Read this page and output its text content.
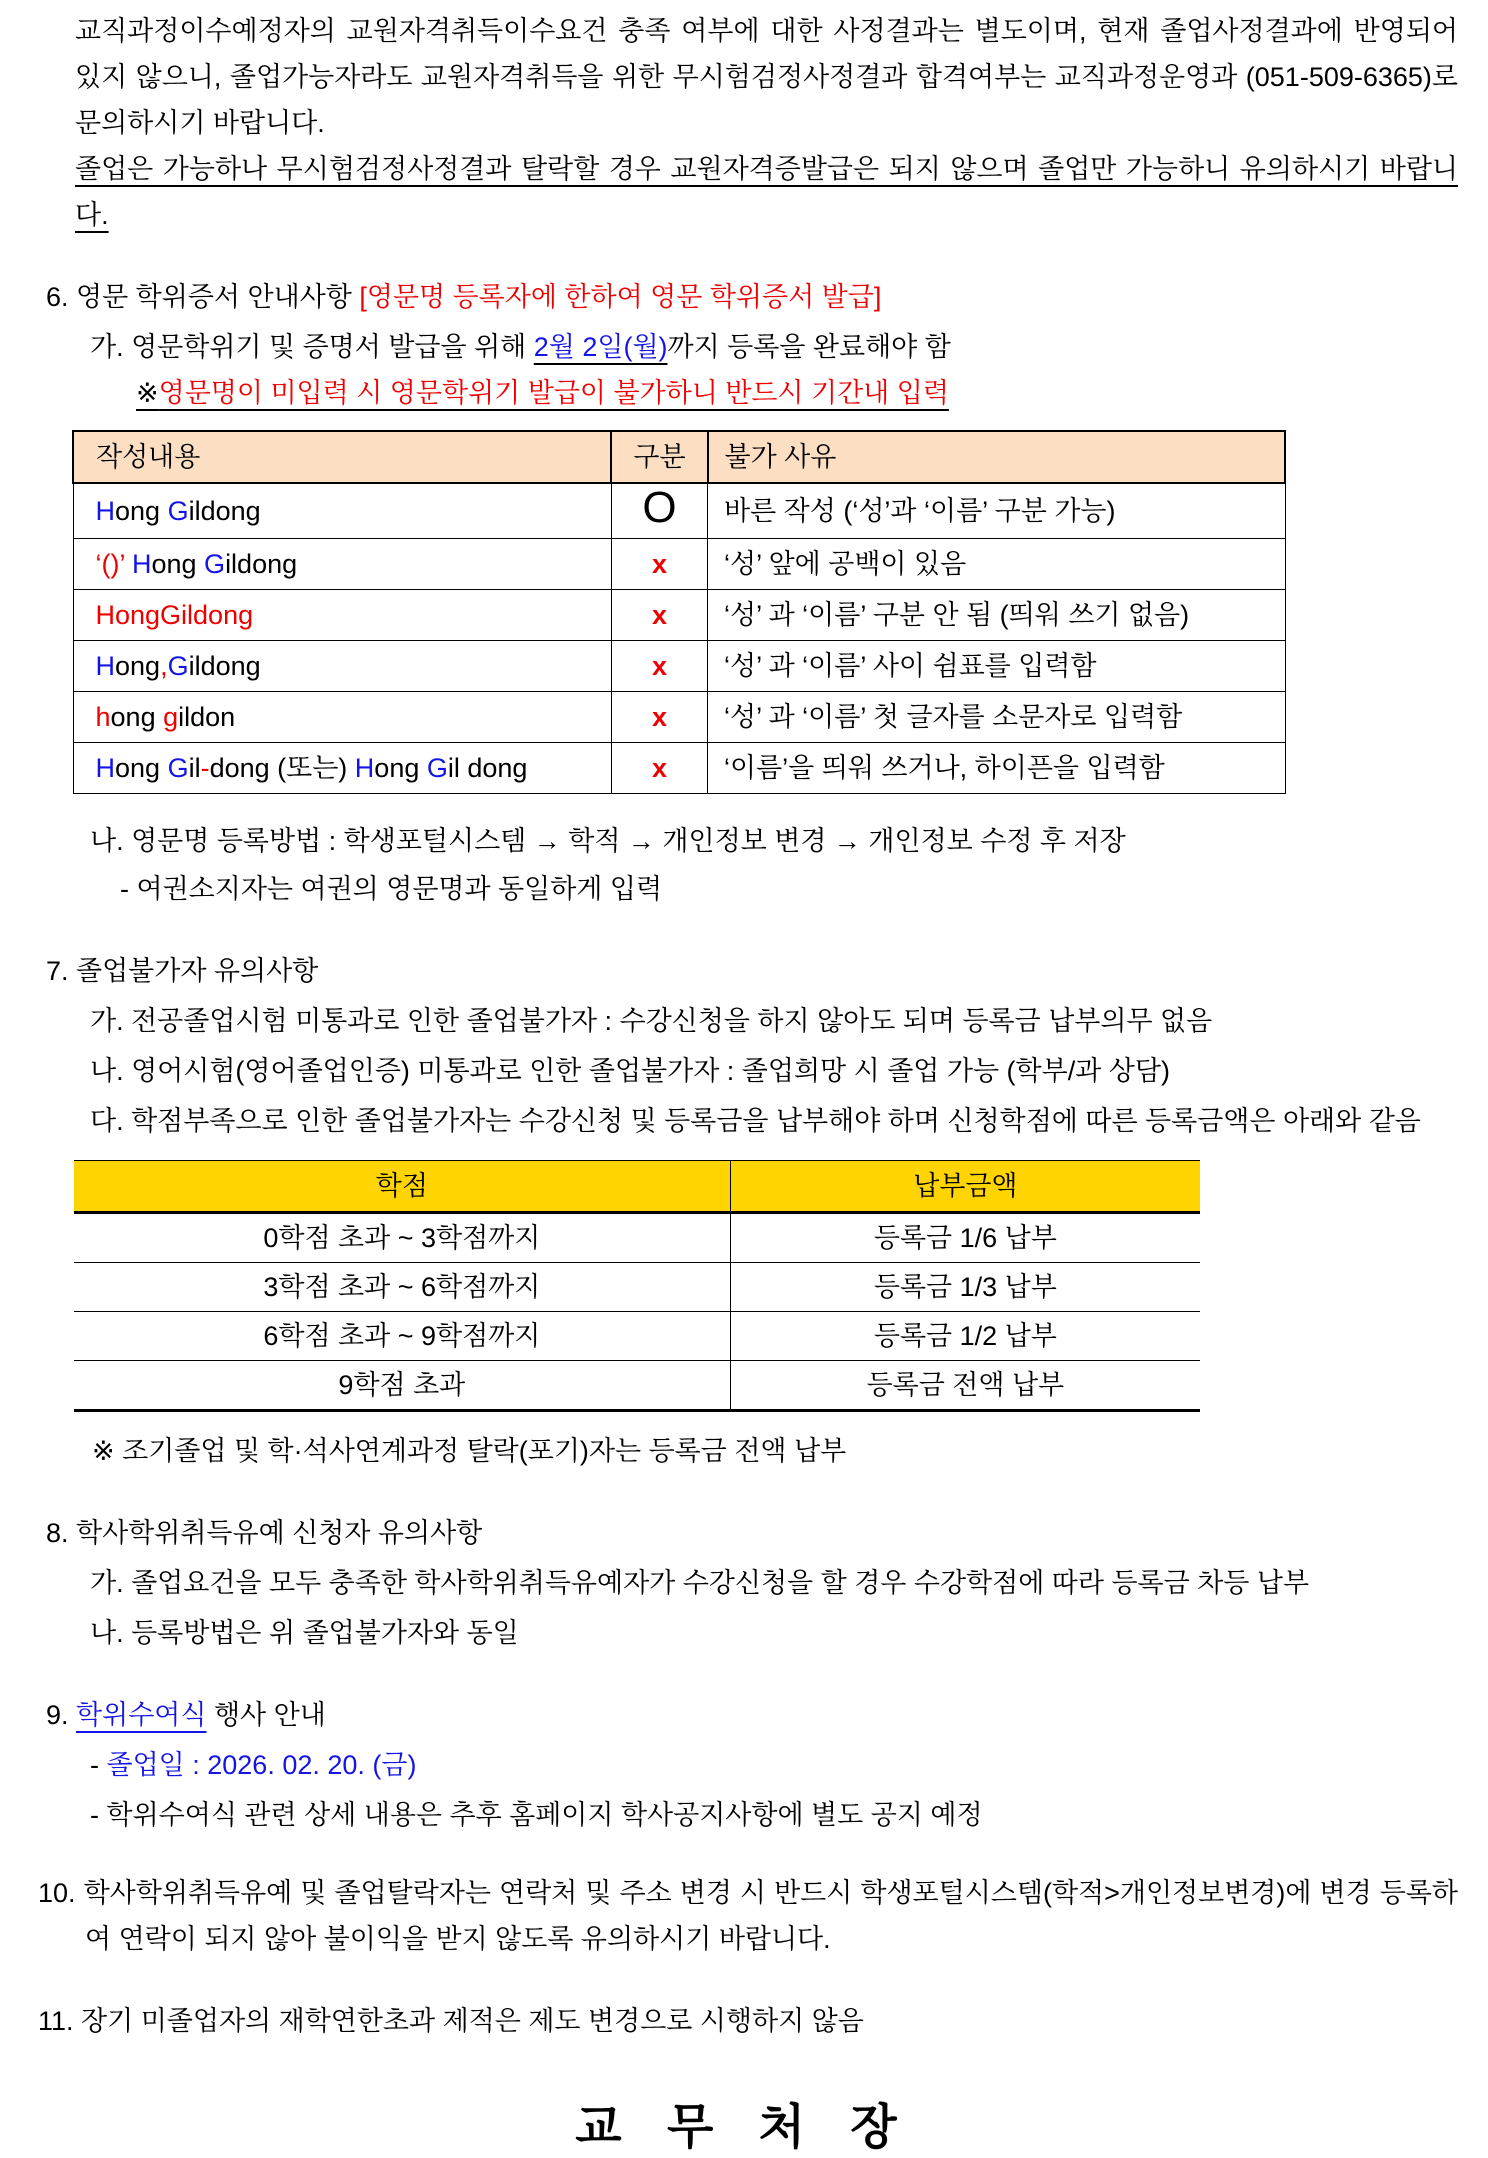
교직과정이수예정자의 교원자격취득이수요건 충족 여부에 대한 사정결과는 별도이며, 현재 졸업사정결과에 반영되어 있지 않으니, 졸업가능자라도 교원자격취득을 위한 무시험검정사정결과 합격여부는 교직과정운영과 (051-509-6365)로 문의하시기 바랍니다.
졸업은 가능하나 무시험검정사정결과 탈락할 경우 교원자격증발급은 되지 않으며 졸업만 가능하니 유의하시기 바랍니다.

6. 영문 학위증서 안내사항 [영문명 등록자에 한하여 영문 학위증서 발급]

가. 영문학위기 및 증명서 발급을 위해 2월 2일(월)까지 등록을 완료해야 함

※영문명이 미입력 시 영문학위기 발급이 불가하니 반드시 기간내 입력

작성내용	구분	불가 사유
Hong Gildong	O	바른 작성 (‘성’과 ‘이름’ 구분 가능)
‘()’ Hong Gildong	x	‘성’ 앞에 공백이 있음
HongGildong	x	‘성’ 과 ‘이름’ 구분 안 됨 (띄워 쓰기 없음)
Hong,Gildong	x	‘성’ 과 ‘이름’ 사이 쉼표를 입력함
hong gildon	x	‘성’ 과 ‘이름’ 첫 글자를 소문자로 입력함
Hong Gil-dong (또는) Hong Gil dong	x	‘이름’을 띄워 쓰거나, 하이픈을 입력함

나. 영문명 등록방법 : 학생포털시스템 → 학적 → 개인정보 변경 → 개인정보 수정 후 저장

- 여권소지자는 여권의 영문명과 동일하게 입력

7. 졸업불가자 유의사항

가. 전공졸업시험 미통과로 인한 졸업불가자 : 수강신청을 하지 않아도 되며 등록금 납부의무 없음

나. 영어시험(영어졸업인증) 미통과로 인한 졸업불가자 : 졸업희망 시 졸업 가능 (학부/과 상담)

다. 학점부족으로 인한 졸업불가자는 수강신청 및 등록금을 납부해야 하며 신청학점에 따른 등록금액은 아래와 같음

학점	납부금액
0학점 초과 ~ 3학점까지	등록금 1/6 납부
3학점 초과 ~ 6학점까지	등록금 1/3 납부
6학점 초과 ~ 9학점까지	등록금 1/2 납부
9학점 초과	등록금 전액 납부

※ 조기졸업 및 학·석사연계과정 탈락(포기)자는 등록금 전액 납부

8. 학사학위취득유예 신청자 유의사항

가. 졸업요건을 모두 충족한 학사학위취득유예자가 수강신청을 할 경우 수강학점에 따라 등록금 차등 납부

나. 등록방법은 위 졸업불가자와 동일

9. 학위수여식 행사 안내

- 졸업일 : 2026. 02. 20. (금)

- 학위수여식 관련 상세 내용은 추후 홈페이지 학사공지사항에 별도 공지 예정

10. 학사학위취득유예 및 졸업탈락자는 연락처 및 주소 변경 시 반드시 학생포털시스템(학적>개인정보변경)에 변경 등록하여 연락이 되지 않아 불이익을 받지 않도록 유의하시기 바랍니다.

11. 장기 미졸업자의 재학연한초과 제적은 제도 변경으로 시행하지 않음

교 무 처 장
